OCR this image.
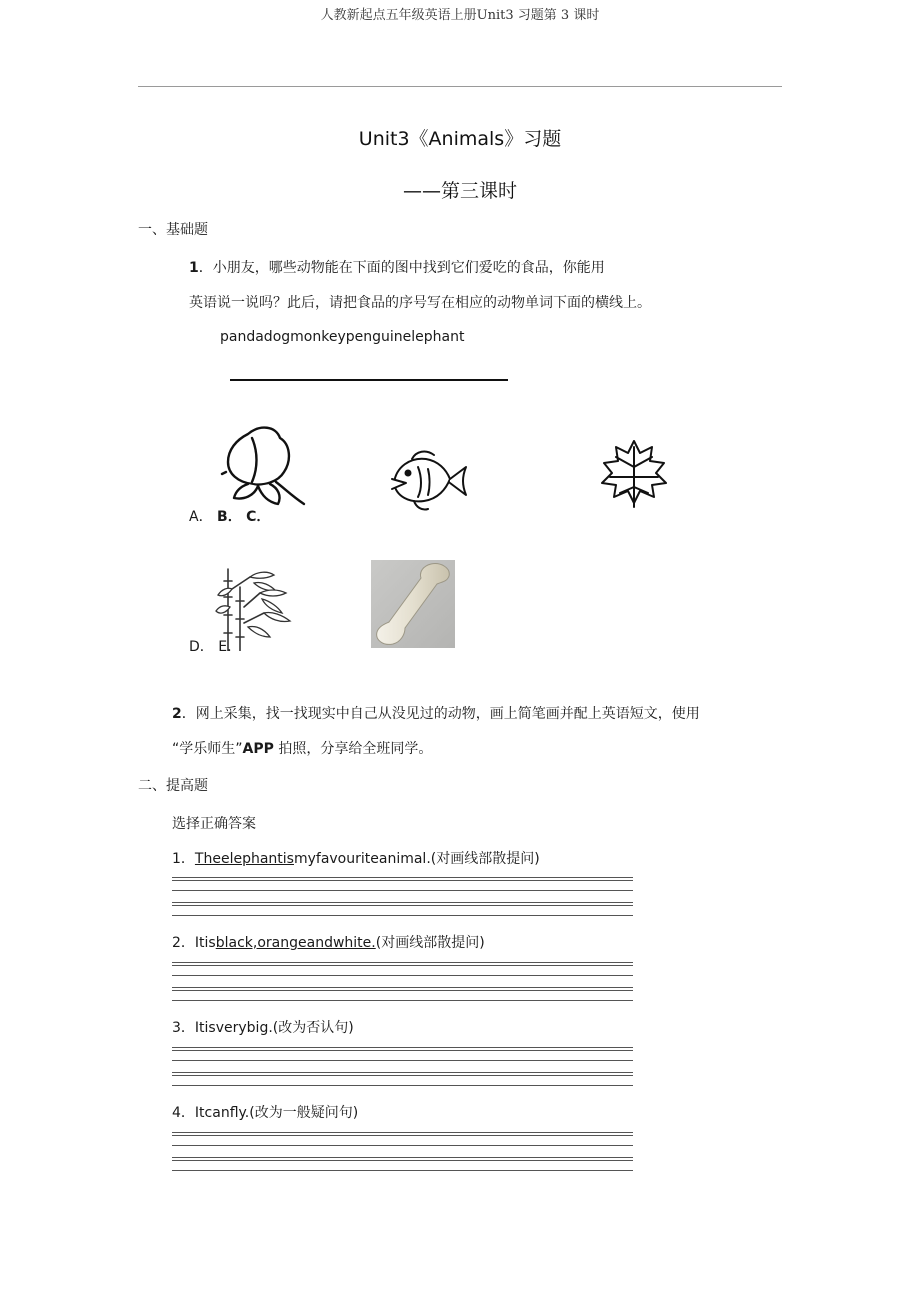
人教新起点五年级英语上册Unit3 习题第 3 课时
Unit3《Animals》习题
——第三课时
一、基础题
1．小朋友，哪些动物能在下面的图中找到它们爱吃的食品，你能用
英语说一说吗？此后，请把食品的序号写在相应的动物单词下面的横线上。
pandadogmonkeypenguinelephant
A． B． C．
D． E．
2．网上采集，找一找现实中自己从没见过的动物，画上简笔画并配上英语短文，使用
“学乐师生”APP 拍照，分享给全班同学。
二、提高题
选择正确答案
1．Theelephantismyfavouriteanimal.(对画线部散提问)
2．Itisblack,orangeandwhite.(对画线部散提问)
3．Itisverybig.(改为否认句)
4．Itcanfly.(改为一般疑问句)
